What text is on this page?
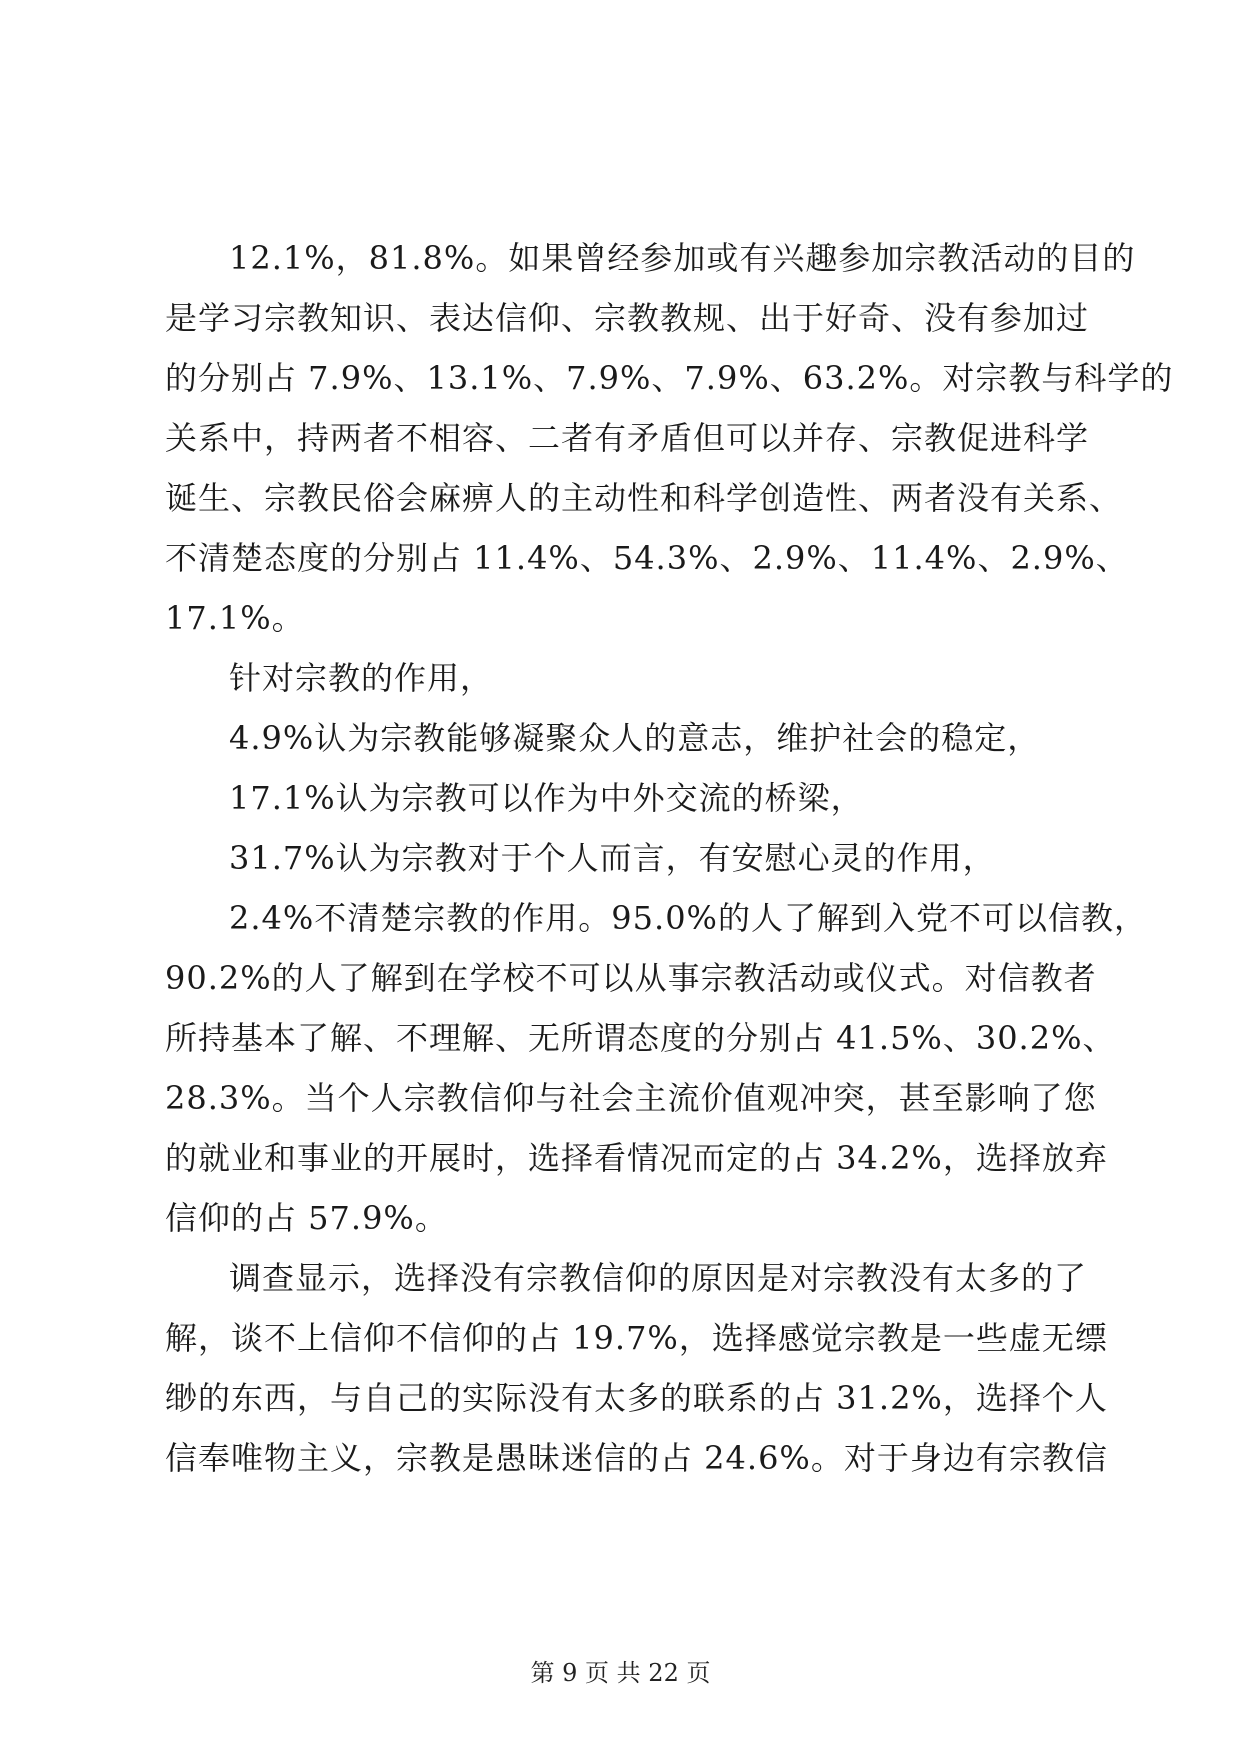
12.1%，81.8%。如果曾经参加或有兴趣参加宗教活动的目的
是学习宗教知识、表达信仰、宗教教规、出于好奇、没有参加过
的分别占 7.9%、13.1%、7.9%、7.9%、63.2%。对宗教与科学的
关系中，持两者不相容、二者有矛盾但可以并存、宗教促进科学
诞生、宗教民俗会麻痹人的主动性和科学创造性、两者没有关系、
不清楚态度的分别占 11.4%、54.3%、2.9%、11.4%、2.9%、
17.1%。
针对宗教的作用，
4.9%认为宗教能够凝聚众人的意志，维护社会的稳定，
17.1%认为宗教可以作为中外交流的桥梁，
31.7%认为宗教对于个人而言，有安慰心灵的作用，
2.4%不清楚宗教的作用。95.0%的人了解到入党不可以信教，
90.2%的人了解到在学校不可以从事宗教活动或仪式。对信教者
所持基本了解、不理解、无所谓态度的分别占 41.5%、30.2%、
28.3%。当个人宗教信仰与社会主流价值观冲突，甚至影响了您
的就业和事业的开展时，选择看情况而定的占 34.2%，选择放弃
信仰的占 57.9%。
调查显示，选择没有宗教信仰的原因是对宗教没有太多的了
解，谈不上信仰不信仰的占 19.7%，选择感觉宗教是一些虚无缥
缈的东西，与自己的实际没有太多的联系的占 31.2%，选择个人
信奉唯物主义，宗教是愚昧迷信的占 24.6%。对于身边有宗教信
第 9 页 共 22 页
